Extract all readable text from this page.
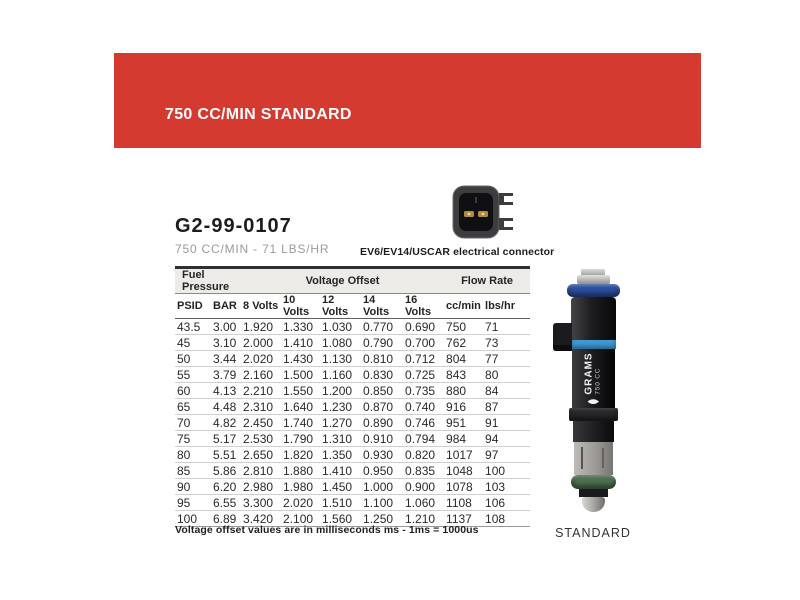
750 CC/MIN STANDARD
G2-99-0107
750 CC/MIN - 71 LBS/HR	EV6/EV14/USCAR electrical connector
Fuel Pressure		Voltage Offset					Flow Rate	
PSID	BAR	8 Volts	10 Volts	12 Volts	14 Volts	16 Volts	cc/min	lbs/hr
43.5	3.00	1.920	1.330	1.030	0.770	0.690	750	71
45	3.10	2.000	1.410	1.080	0.790	0.700	762	73
50	3.44	2.020	1.430	1.130	0.810	0.712	804	77
55	3.79	2.160	1.500	1.160	0.830	0.725	843	80
60	4.13	2.210	1.550	1.200	0.850	0.735	880	84
65	4.48	2.310	1.640	1.230	0.870	0.740	916	87
70	4.82	2.450	1.740	1.270	0.890	0.746	951	91
75	5.17	2.530	1.790	1.310	0.910	0.794	984	94
80	5.51	2.650	1.820	1.350	0.930	0.820	1017	97
85	5.86	2.810	1.880	1.410	0.950	0.835	1048	100
90	6.20	2.980	1.980	1.450	1.000	0.900	1078	103
95	6.55	3.300	2.020	1.510	1.100	1.060	1108	106
100	6.89	3.420	2.100	1.560	1.250	1.210	1137	108
Voltage offset values are in milliseconds ms - 1ms = 1000us
GRAMS 750 CC
STANDARD
